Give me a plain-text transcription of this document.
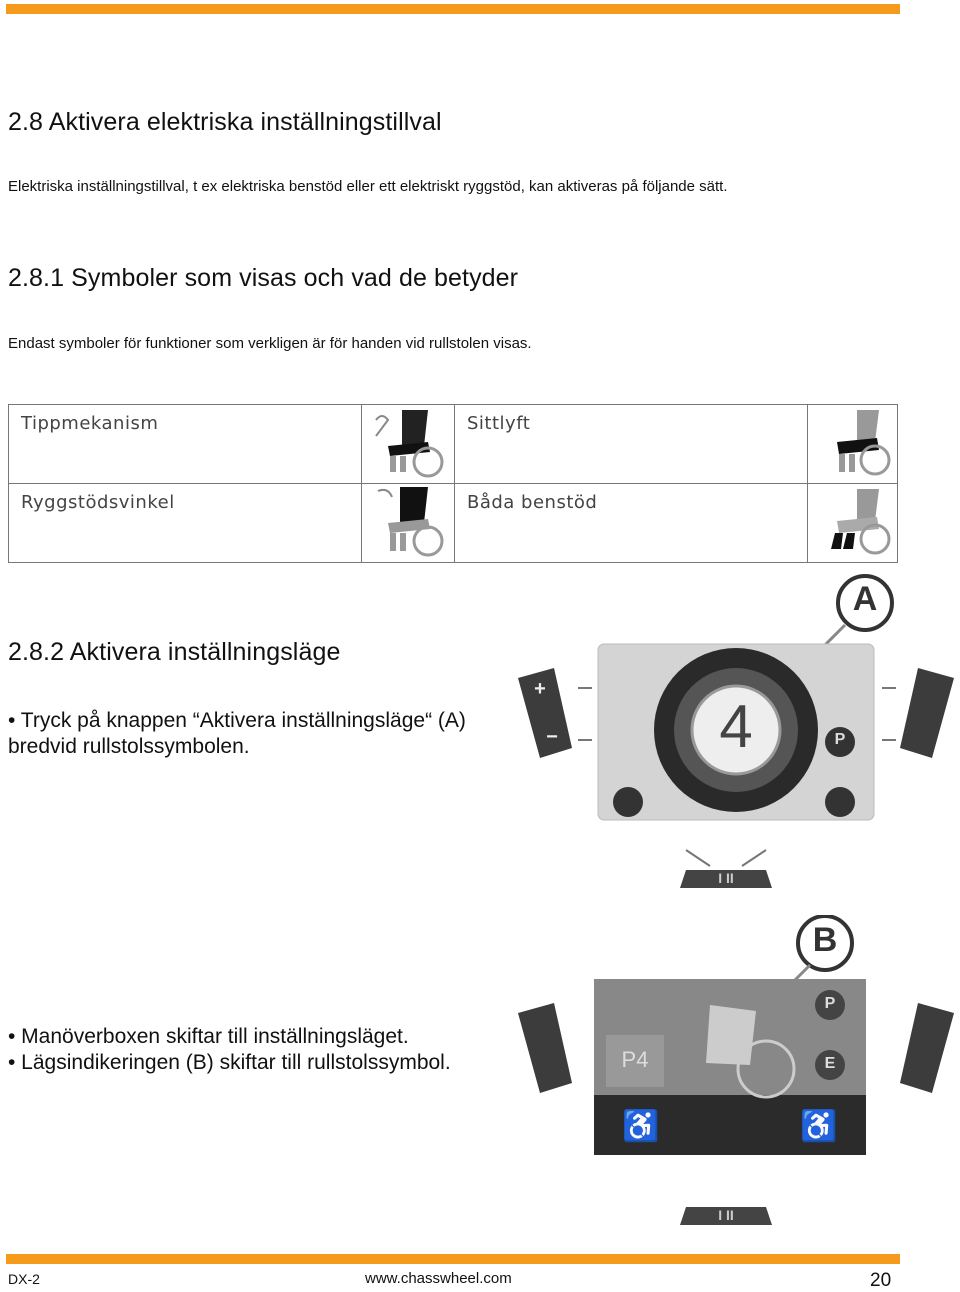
2.8 Aktivera elektriska inställningstillval

Elektriska inställningstillval, t ex elektriska benstöd eller ett elektriskt ryggstöd, kan aktiveras på följande sätt.

2.8.1 Symboler som visas och vad de betyder

Endast symboler för funktioner som verkligen är för handen vid rullstolen visas.

Tippmekanism		Sittlyft	
Ryggstödsvinkel		Båda benstöd	
2.8.2 Aktivera inställningsläge

• Tryck på knappen “Aktivera inställningsläge“ (A)

bredvid rullstolssymbolen.

• Manöverboxen skiftar till inställningsläget.

• Lägsindikeringen (B) skiftar till rullstolssymbol.

A
4	P
+
−
I II
B
P4
P
E
♿	♿
I II
DX-2	www.chasswheel.com	20
